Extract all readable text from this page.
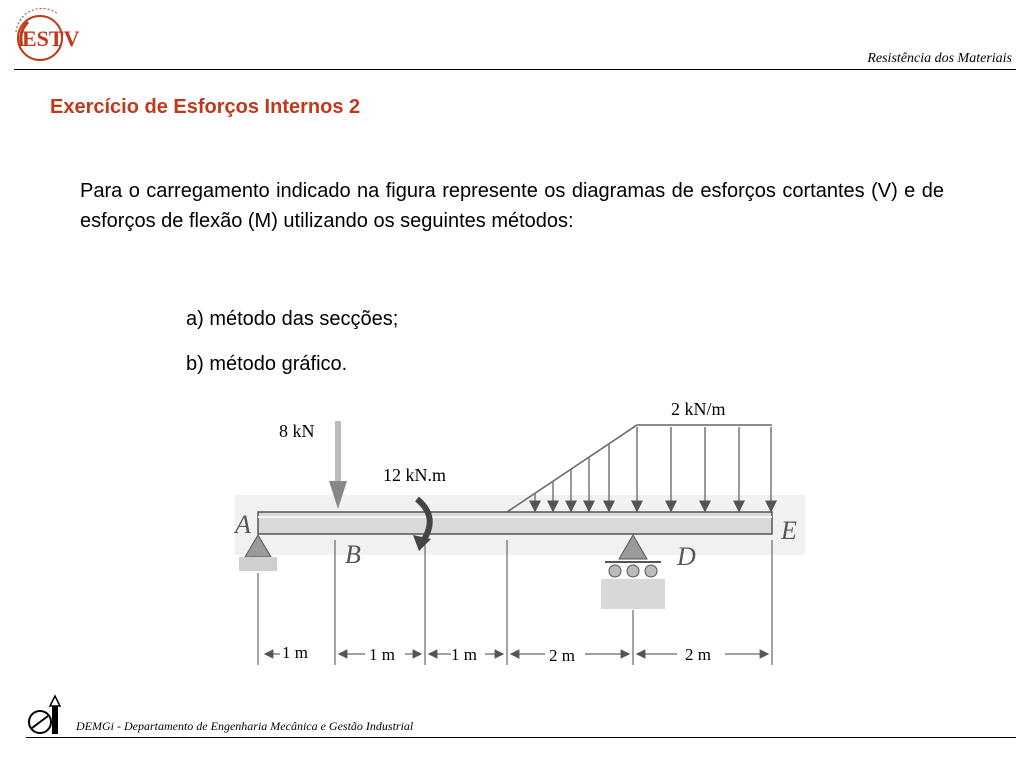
ESTV
Resistência dos Materiais
Exercício de Esforços Internos 2
Para o carregamento indicado na figura represente os diagramas de esforços cortantes (V) e de esforços de flexão (M) utilizando os seguintes métodos:
a) método das secções;
b) método gráfico.
A
D
B
E
8 kN
12 kN.m
2 kN/m
1 m	1 m	1 m	2 m	2 m
DEMGi - Departamento de Engenharia Mecânica e Gestão Industrial
